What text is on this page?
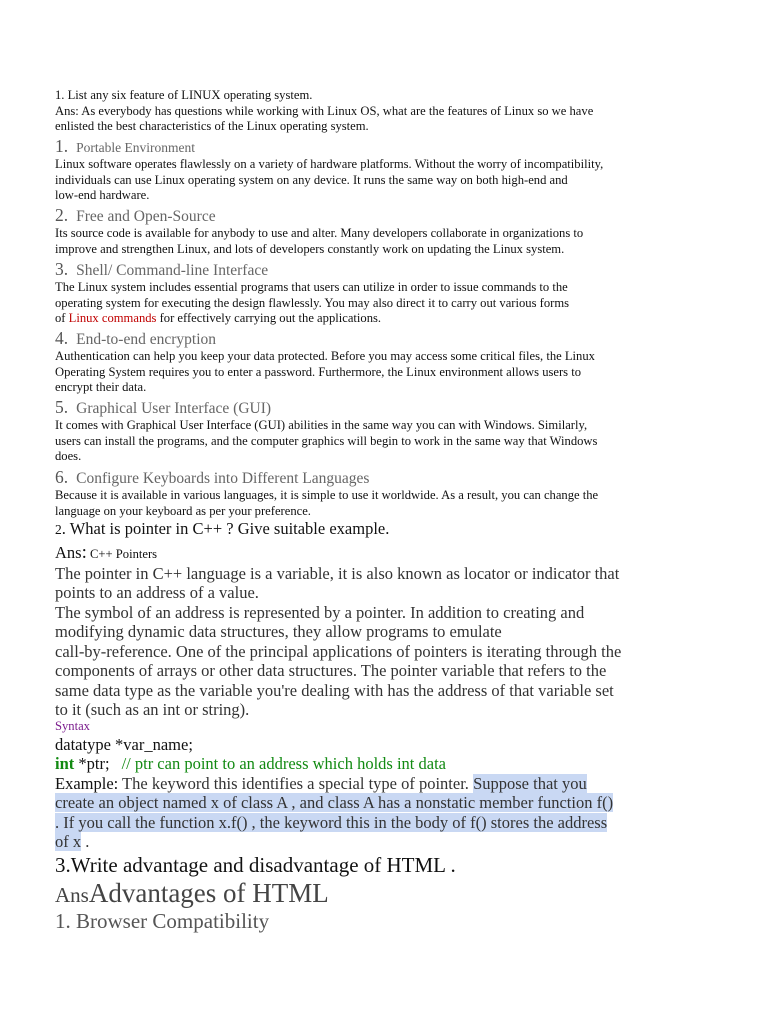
1. List any six feature of LINUX operating system.
Ans: As everybody has questions while working with Linux OS, what are the features of Linux so we have
enlisted the best characteristics of the Linux operating system.
1. Portable Environment
Linux software operates flawlessly on a variety of hardware platforms. Without the worry of incompatibility,
individuals can use Linux operating system on any device. It runs the same way on both high-end and
low-end hardware.
2. Free and Open-Source
Its source code is available for anybody to use and alter. Many developers collaborate in organizations to
improve and strengthen Linux, and lots of developers constantly work on updating the Linux system.
3. Shell/ Command-line Interface
The Linux system includes essential programs that users can utilize in order to issue commands to the
operating system for executing the design flawlessly. You may also direct it to carry out various forms
of Linux commands for effectively carrying out the applications.
4. End-to-end encryption
Authentication can help you keep your data protected. Before you may access some critical files, the Linux
Operating System requires you to enter a password. Furthermore, the Linux environment allows users to
encrypt their data.
5. Graphical User Interface (GUI)
It comes with Graphical User Interface (GUI) abilities in the same way you can with Windows. Similarly,
users can install the programs, and the computer graphics will begin to work in the same way that Windows
does.
6. Configure Keyboards into Different Languages
Because it is available in various languages, it is simple to use it worldwide. As a result, you can change the
language on your keyboard as per your preference.
2. What is pointer in C++ ? Give suitable example.
Ans: C++ Pointers
The pointer in C++ language is a variable, it is also known as locator or indicator that
points to an address of a value.
The symbol of an address is represented by a pointer. In addition to creating and
modifying dynamic data structures, they allow programs to emulate
call-by-reference. One of the principal applications of pointers is iterating through the
components of arrays or other data structures. The pointer variable that refers to the
same data type as the variable you're dealing with has the address of that variable set
to it (such as an int or string).
Syntax
datatype *var_name;
int *ptr; // ptr can point to an address which holds int data
Example: The keyword this identifies a special type of pointer. Suppose that you
create an object named x of class A , and class A has a nonstatic member function f()
. If you call the function x.f() , the keyword this in the body of f() stores the address
of x .
3.Write advantage and disadvantage of HTML .
AnsAdvantages of HTML
1. Browser Compatibility
